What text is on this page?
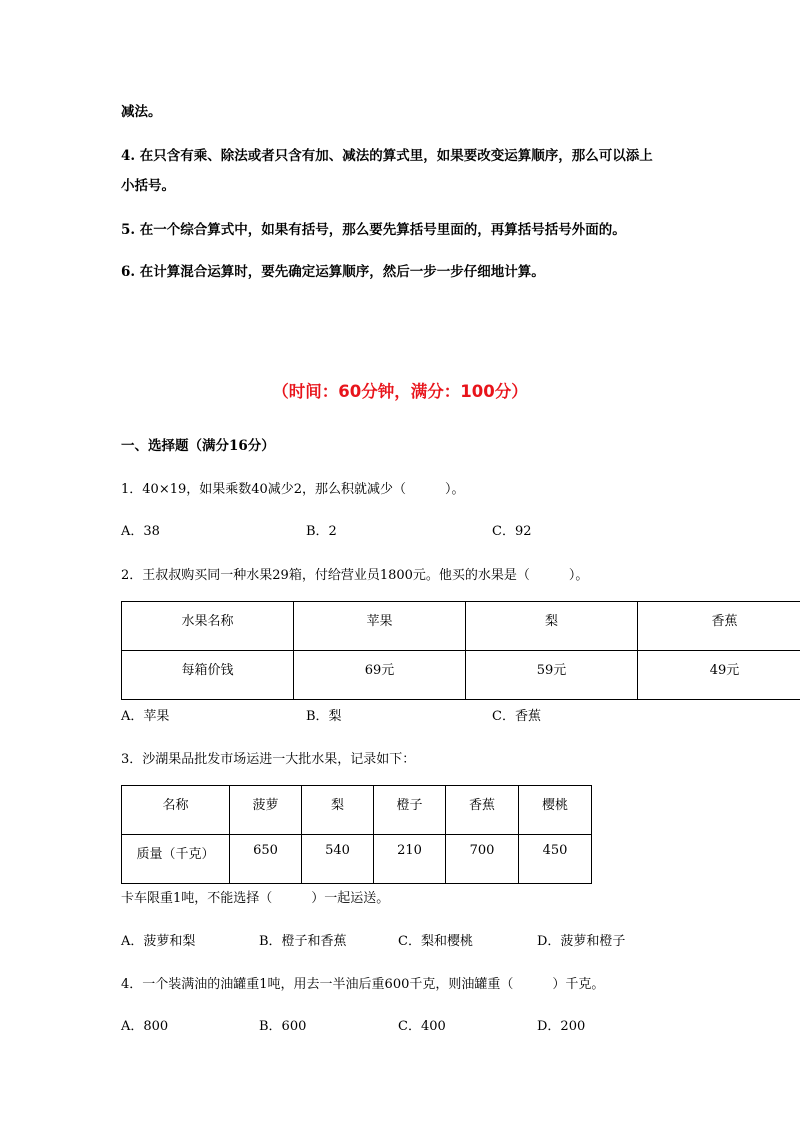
减法。
4. 在只含有乘、除法或者只含有加、减法的算式里，如果要改变运算顺序，那么可以添上
小括号。
5. 在一个综合算式中，如果有括号，那么要先算括号里面的，再算括号括号外面的。
6. 在计算混合运算时，要先确定运算顺序，然后一步一步仔细地计算。
（时间：60分钟，满分：100分）
一、选择题（满分16分）
1．40×19，如果乘数40减少2，那么积就减少（　　　）。
A．38	B．2	C．92
2．王叔叔购买同一种水果29箱，付给营业员1800元。他买的水果是（　　　）。
水果名称	苹果	梨	香蕉
每箱价钱	69元	59元	49元
A．苹果	B．梨	C．香蕉
3．沙湖果品批发市场运进一大批水果，记录如下：
名称	菠萝	梨	橙子	香蕉	樱桃
质量（千克）	650	540	210	700	450
卡车限重1吨，不能选择（　　　）一起运送。
A．菠萝和梨	B．橙子和香蕉	C．梨和樱桃	D．菠萝和橙子
4．一个装满油的油罐重1吨，用去一半油后重600千克，则油罐重（　　　）千克。
A．800	B．600	C．400	D．200
